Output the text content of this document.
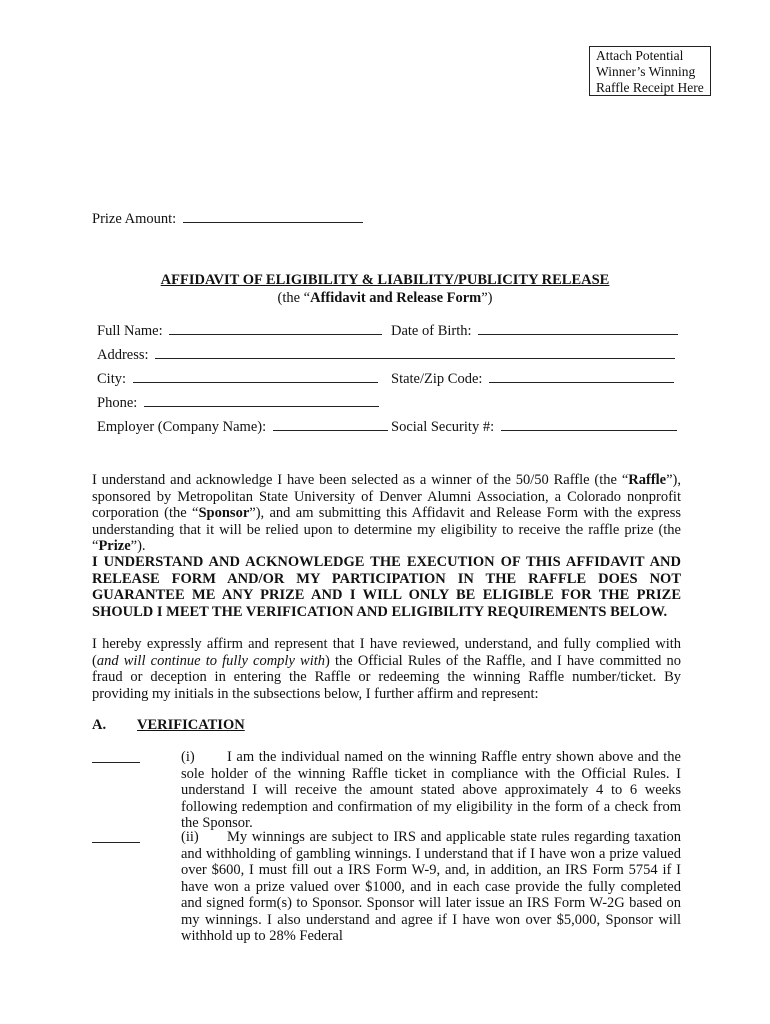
Attach Potential
Winner’s Winning
Raffle Receipt Here
Prize Amount:
AFFIDAVIT OF ELIGIBILITY & LIABILITY/PUBLICITY RELEASE
(the “Affidavit and Release Form”)
Full Name:	Date of Birth:
Address:
City:	State/Zip Code:
Phone:
Employer (Company Name):	Social Security #:
I understand and acknowledge I have been selected as a winner of the 50/50 Raffle (the “Raffle”), sponsored by Metropolitan State University of Denver Alumni Association, a Colorado nonprofit corporation (the “Sponsor”), and am submitting this Affidavit and Release Form with the express understanding that it will be relied upon to determine my eligibility to receive the raffle prize (the “Prize”).
I UNDERSTAND AND ACKNOWLEDGE THE EXECUTION OF THIS AFFIDAVIT AND RELEASE FORM AND/OR MY PARTICIPATION IN THE RAFFLE DOES NOT GUARANTEE ME ANY PRIZE AND I WILL ONLY BE ELIGIBLE FOR THE PRIZE SHOULD I MEET THE VERIFICATION AND ELIGIBILITY REQUIREMENTS BELOW.
I hereby expressly affirm and represent that I have reviewed, understand, and fully complied with (and will continue to fully comply with) the Official Rules of the Raffle, and I have committed no fraud or deception in entering the Raffle or redeeming the winning Raffle number/ticket. By providing my initials in the subsections below, I further affirm and represent:
A. VERIFICATION
(i) I am the individual named on the winning Raffle entry shown above and the sole holder of the winning Raffle ticket in compliance with the Official Rules. I understand I will receive the amount stated above approximately 4 to 6 weeks following redemption and confirmation of my eligibility in the form of a check from the Sponsor.
(ii) My winnings are subject to IRS and applicable state rules regarding taxation and withholding of gambling winnings. I understand that if I have won a prize valued over $600, I must fill out a IRS Form W-9, and, in addition, an IRS Form 5754 if I have won a prize valued over $1000, and in each case provide the fully completed and signed form(s) to Sponsor. Sponsor will later issue an IRS Form W-2G based on my winnings. I also understand and agree if I have won over $5,000, Sponsor will withhold up to 28% Federal
